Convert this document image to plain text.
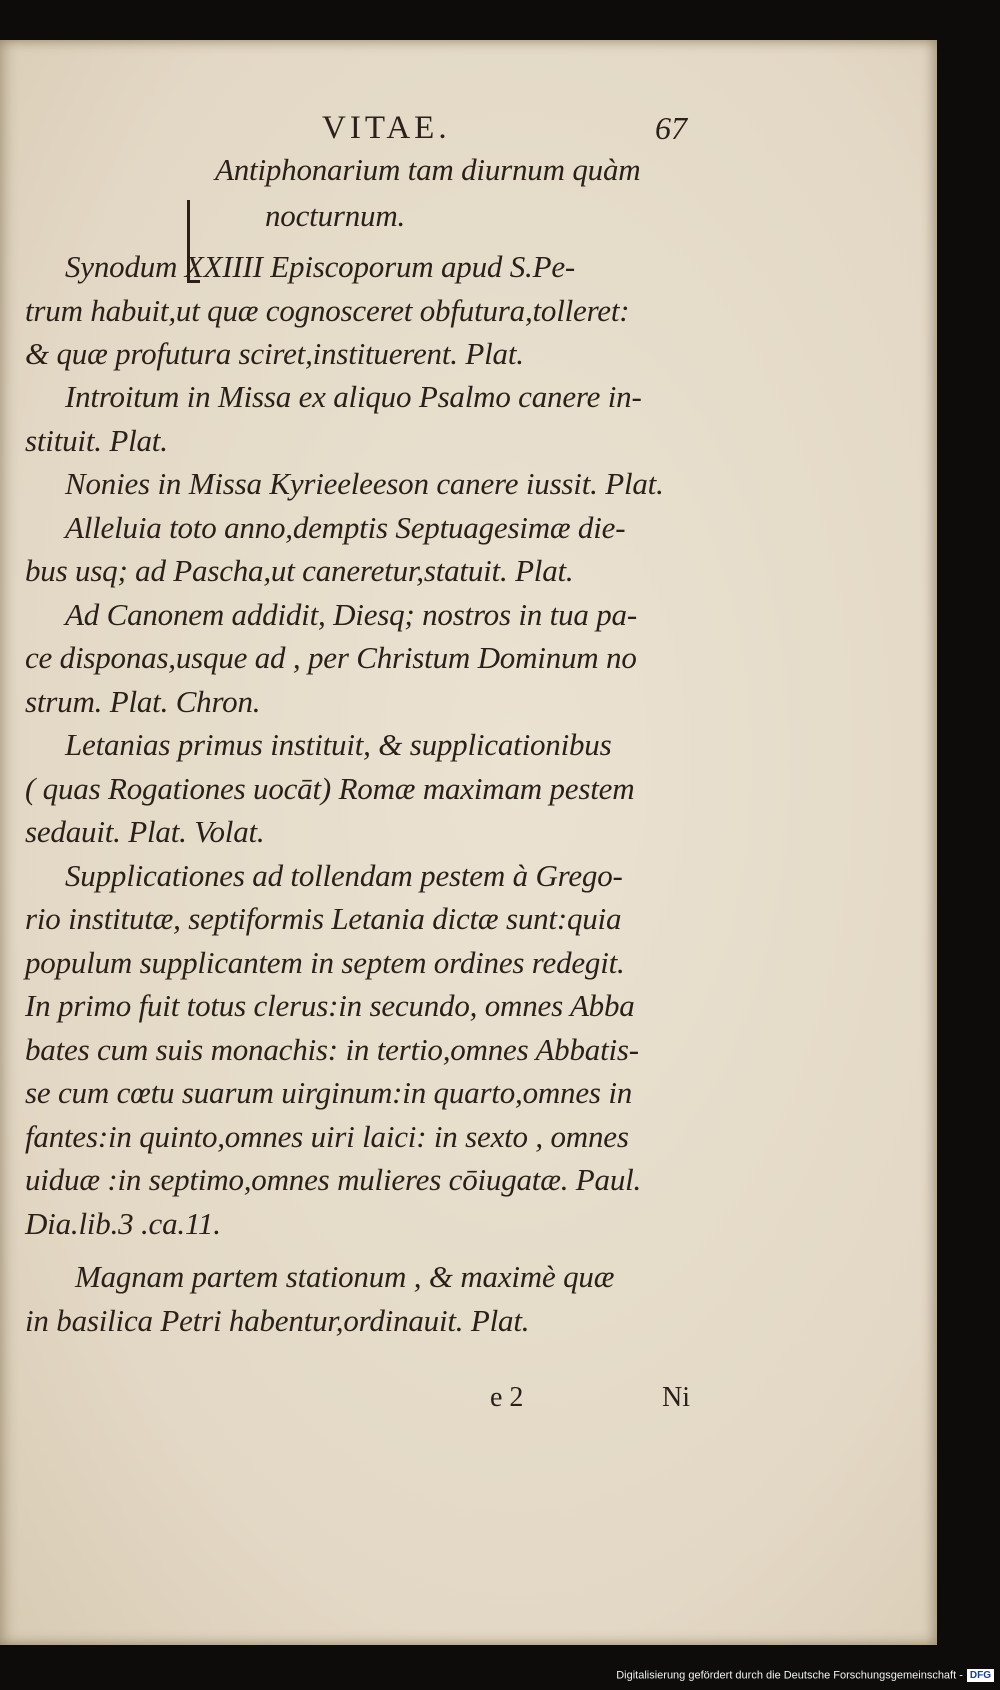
VITAE.	67
Antiphonarium tam diurnum quàm
nocturnum.
Synodum XXIIII Episcoporum apud S.Pe-
trum habuit,ut quæ cognosceret obfutura,tolleret:
& quæ profutura sciret,instituerent. Plat.
Introitum in Missa ex aliquo Psalmo canere in-
stituit. Plat.
Nonies in Missa Kyrieeleeson canere iussit. Plat.
Alleluia toto anno,demptis Septuagesimæ die-
bus usq; ad Pascha,ut caneretur,statuit. Plat.
Ad Canonem addidit, Diesq; nostros in tua pa-
ce disponas,usque ad , per Christum Dominum no
strum. Plat. Chron.
Letanias primus instituit, & supplicationibus
( quas Rogationes uocāt) Romæ maximam pestem
sedauit. Plat. Volat.
Supplicationes ad tollendam pestem à Grego-
rio institutæ, septiformis Letania dictæ sunt:quia
populum supplicantem in septem ordines redegit.
In primo fuit totus clerus:in secundo, omnes Abba
bates cum suis monachis: in tertio,omnes Abbatis-
se cum cœtu suarum uirginum:in quarto,omnes in
fantes:in quinto,omnes uiri laici: in sexto , omnes
uiduæ :in septimo,omnes mulieres cōiugatæ. Paul.
Dia.lib.3 .ca.11.
Magnam partem stationum , & maximè quæ
in basilica Petri habentur,ordinauit. Plat.
e 2	Ni
Digitalisierung gefördert durch die Deutsche Forschungsgemeinschaft - DFG
